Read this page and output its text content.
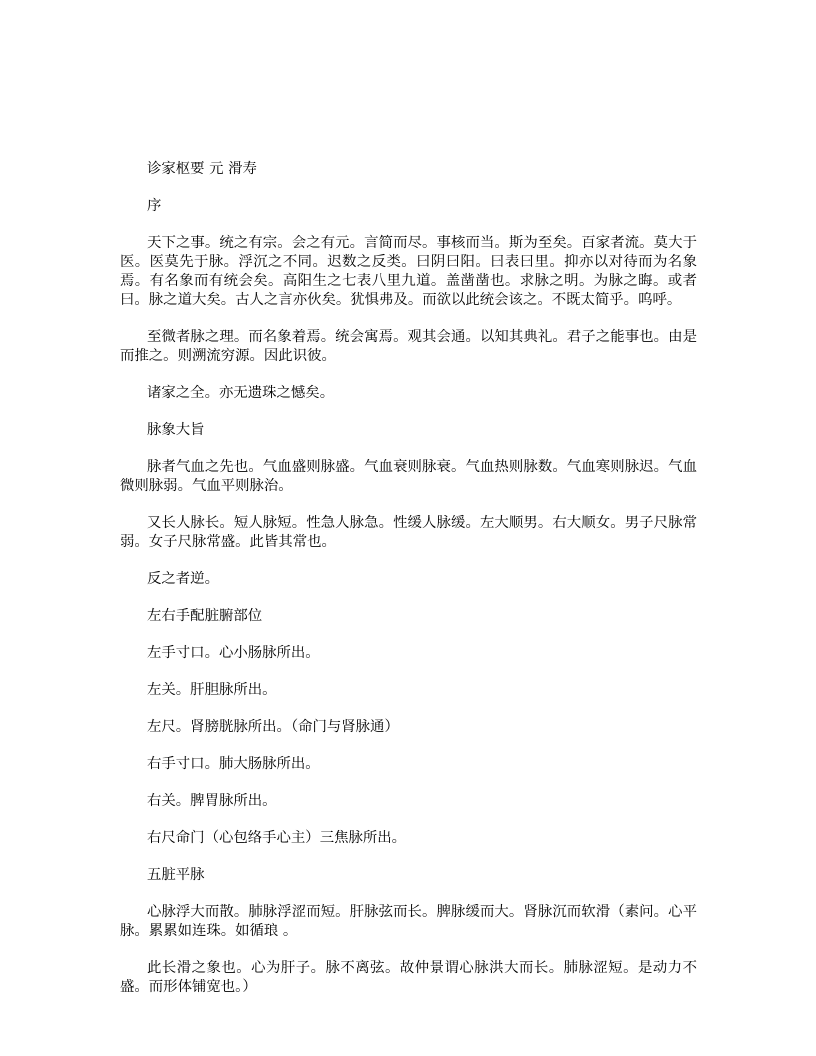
诊家枢要 元 滑寿

序

天下之事。统之有宗。会之有元。言简而尽。事核而当。斯为至矣。百家者流。莫大于医。医莫先于脉。浮沉之不同。迟数之反类。曰阴曰阳。曰表曰里。抑亦以对待而为名象焉。有名象而有统会矣。高阳生之七表八里九道。盖凿凿也。求脉之明。为脉之晦。或者曰。脉之道大矣。古人之言亦伙矣。犹惧弗及。而欲以此统会该之。不既太简乎。呜呼。

至微者脉之理。而名象着焉。统会寓焉。观其会通。以知其典礼。君子之能事也。由是而推之。则溯流穷源。因此识彼。

诸家之全。亦无遗珠之憾矣。

脉象大旨

脉者气血之先也。气血盛则脉盛。气血衰则脉衰。气血热则脉数。气血寒则脉迟。气血微则脉弱。气血平则脉治。

又长人脉长。短人脉短。性急人脉急。性缓人脉缓。左大顺男。右大顺女。男子尺脉常弱。女子尺脉常盛。此皆其常也。

反之者逆。

左右手配脏腑部位

左手寸口。心小肠脉所出。

左关。肝胆脉所出。

左尺。肾膀胱脉所出。（命门与肾脉通）

右手寸口。肺大肠脉所出。

右关。脾胃脉所出。

右尺命门（心包络手心主）三焦脉所出。

五脏平脉

心脉浮大而散。肺脉浮涩而短。肝脉弦而长。脾脉缓而大。肾脉沉而软滑（素问。心平脉。累累如连珠。如循琅 。

此长滑之象也。心为肝子。脉不离弦。故仲景谓心脉洪大而长。肺脉涩短。是动力不盛。而形体铺宽也。）
